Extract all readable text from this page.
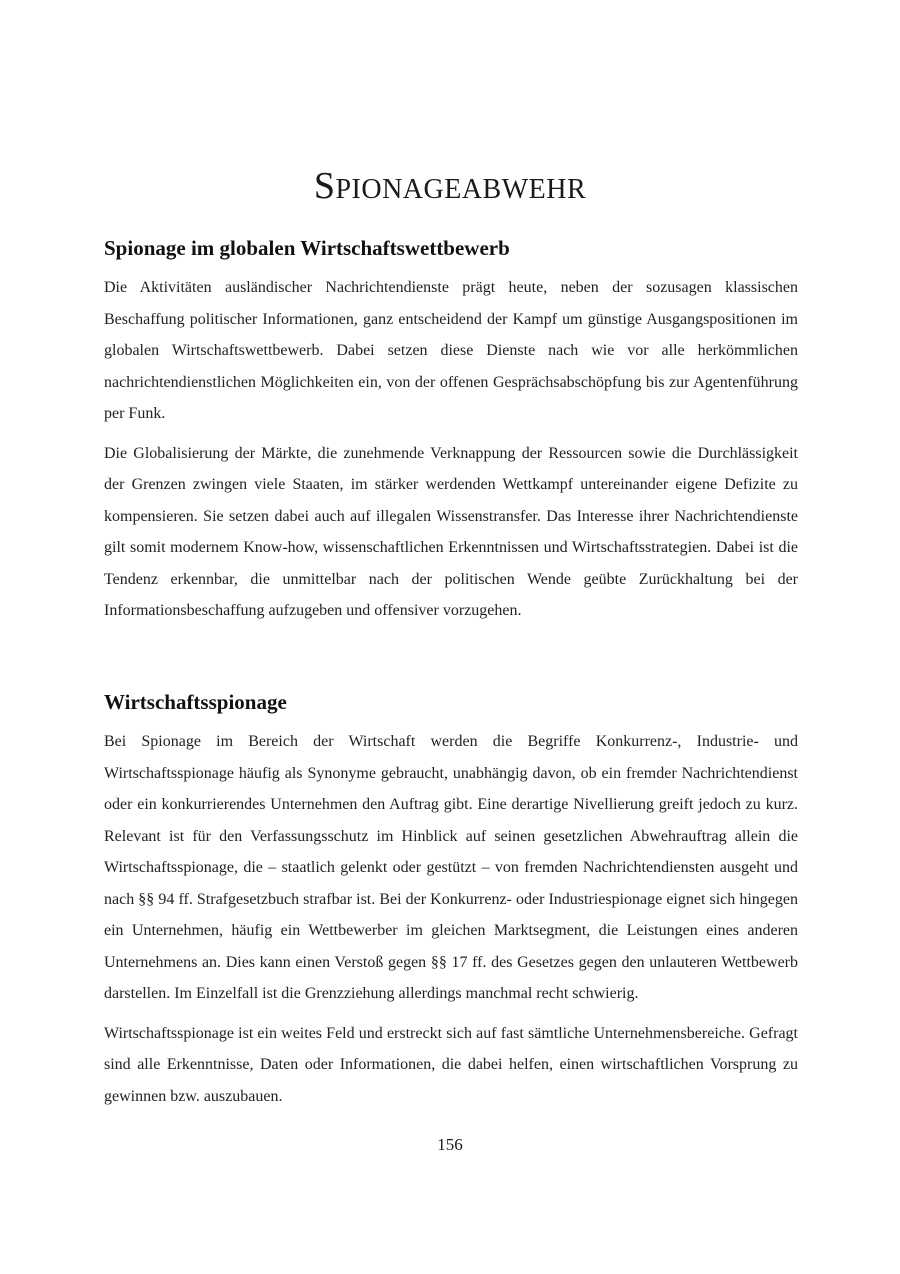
SPIONAGEABWEHR
Spionage im globalen Wirtschaftswettbewerb

Die Aktivitäten ausländischer Nachrichtendienste prägt heute, neben der sozusagen klassischen Beschaffung politischer Informationen, ganz entscheidend der Kampf um günstige Ausgangspositionen im globalen Wirtschaftswettbewerb. Dabei setzen diese Dienste nach wie vor alle herkömmlichen nachrichtendienstlichen Möglichkeiten ein, von der offenen Gesprächsabschöpfung bis zur Agentenführung per Funk.

Die Globalisierung der Märkte, die zunehmende Verknappung der Ressourcen sowie die Durchlässigkeit der Grenzen zwingen viele Staaten, im stärker werdenden Wettkampf untereinander eigene Defizite zu kompensieren. Sie setzen dabei auch auf illegalen Wissenstransfer. Das Interesse ihrer Nachrichtendienste gilt somit modernem Know-how, wissenschaftlichen Erkenntnissen und Wirtschaftsstrategien. Dabei ist die Tendenz erkennbar, die unmittelbar nach der politischen Wende geübte Zurückhaltung bei der Informationsbeschaffung aufzugeben und offensiver vorzugehen.

Wirtschaftsspionage

Bei Spionage im Bereich der Wirtschaft werden die Begriffe Konkurrenz-, Industrie- und Wirtschaftsspionage häufig als Synonyme gebraucht, unabhängig davon, ob ein fremder Nachrichtendienst oder ein konkurrierendes Unternehmen den Auftrag gibt. Eine derartige Nivellierung greift jedoch zu kurz. Relevant ist für den Verfassungsschutz im Hinblick auf seinen gesetzlichen Abwehrauftrag allein die Wirtschaftsspionage, die – staatlich gelenkt oder gestützt – von fremden Nachrichtendiensten ausgeht und nach §§ 94 ff. Strafgesetzbuch strafbar ist. Bei der Konkurrenz- oder Industriespionage eignet sich hingegen ein Unternehmen, häufig ein Wettbewerber im gleichen Marktsegment, die Leistungen eines anderen Unternehmens an. Dies kann einen Verstoß gegen §§ 17 ff. des Gesetzes gegen den unlauteren Wettbewerb darstellen. Im Einzelfall ist die Grenzziehung allerdings manchmal recht schwierig.

Wirtschaftsspionage ist ein weites Feld und erstreckt sich auf fast sämtliche Unternehmensbereiche. Gefragt sind alle Erkenntnisse, Daten oder Informationen, die dabei helfen, einen wirtschaftlichen Vorsprung zu gewinnen bzw. auszubauen.

156
